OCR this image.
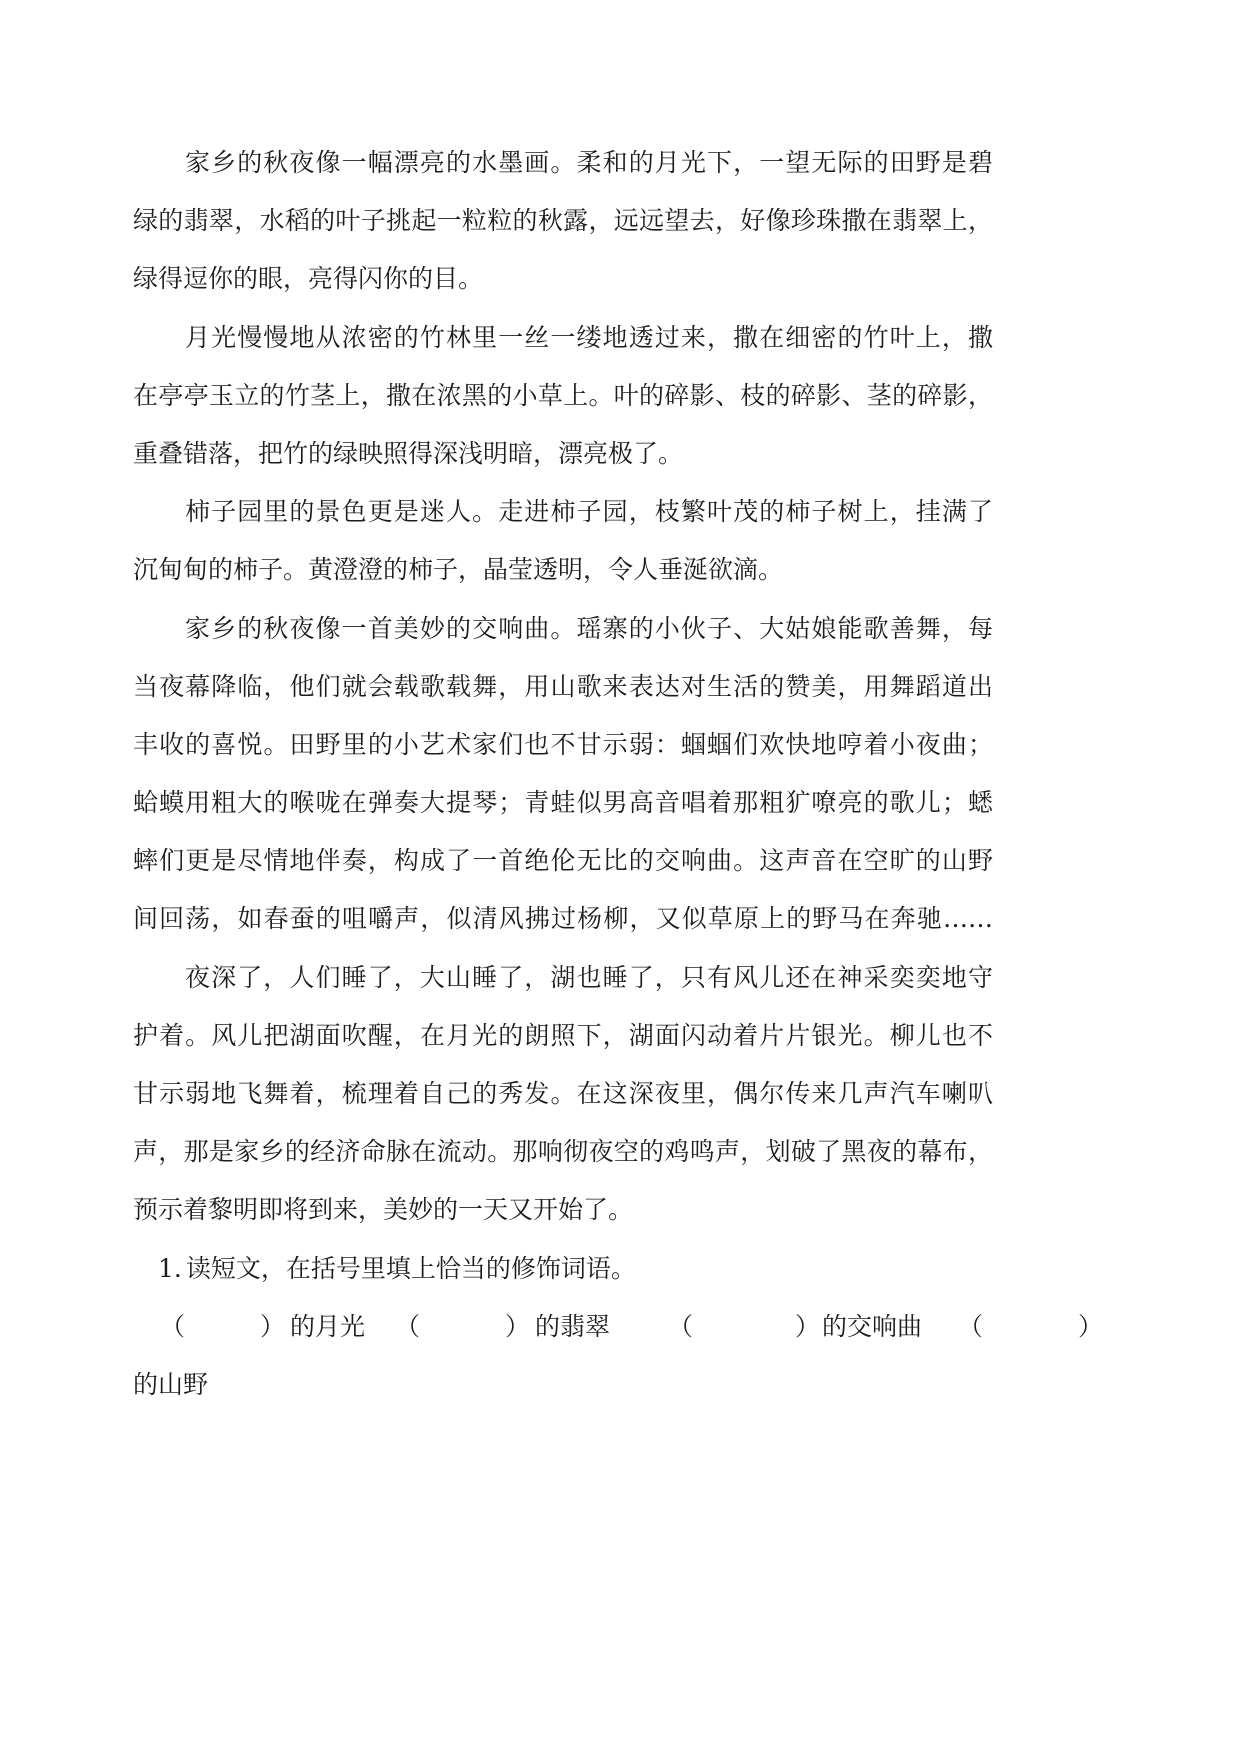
家乡的秋夜像一幅漂亮的水墨画。柔和的月光下，一望无际的田野是碧
绿的翡翠，水稻的叶子挑起一粒粒的秋露，远远望去，好像珍珠撒在翡翠上，
绿得逗你的眼，亮得闪你的目。
月光慢慢地从浓密的竹林里一丝一缕地透过来，撒在细密的竹叶上，撒
在亭亭玉立的竹茎上，撒在浓黑的小草上。叶的碎影、枝的碎影、茎的碎影，
重叠错落，把竹的绿映照得深浅明暗，漂亮极了。
柿子园里的景色更是迷人。走进柿子园，枝繁叶茂的柿子树上，挂满了
沉甸甸的柿子。黄澄澄的柿子，晶莹透明，令人垂涎欲滴。
家乡的秋夜像一首美妙的交响曲。瑶寨的小伙子、大姑娘能歌善舞，每
当夜幕降临，他们就会载歌载舞，用山歌来表达对生活的赞美，用舞蹈道出
丰收的喜悦。田野里的小艺术家们也不甘示弱：蝈蝈们欢快地哼着小夜曲；
蛤蟆用粗大的喉咙在弹奏大提琴；青蛙似男高音唱着那粗犷嘹亮的歌儿；蟋
蟀们更是尽情地伴奏，构成了一首绝伦无比的交响曲。这声音在空旷的山野
间回荡，如春蚕的咀嚼声，似清风拂过杨柳，又似草原上的野马在奔驰……
夜深了，人们睡了，大山睡了，湖也睡了，只有风儿还在神采奕奕地守
护着。风儿把湖面吹醒，在月光的朗照下，湖面闪动着片片银光。柳儿也不
甘示弱地飞舞着，梳理着自己的秀发。在这深夜里，偶尔传来几声汽车喇叭
声，那是家乡的经济命脉在流动。那响彻夜空的鸡鸣声，划破了黑夜的幕布，
预示着黎明即将到来，美妙的一天又开始了。
1. 读短文，在括号里填上恰当的修饰词语。
（	） 的月光 （	） 的翡翠 （	） 的交响曲 （	）
的山野
